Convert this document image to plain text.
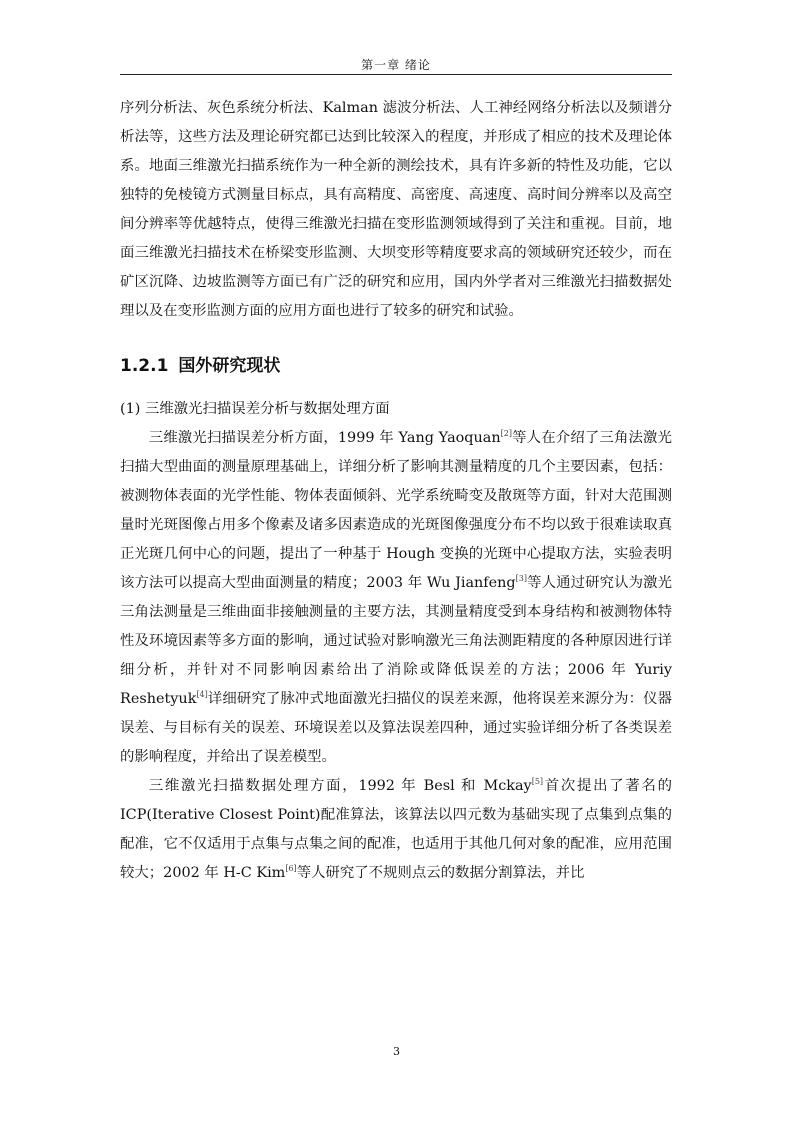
第一章 绪论

序列分析法、灰色系统分析法、Kalman 滤波分析法、人工神经网络分析法以及频谱分析法等，这些方法及理论研究都已达到比较深入的程度，并形成了相应的技术及理论体系。地面三维激光扫描系统作为一种全新的测绘技术，具有许多新的特性及功能，它以独特的免棱镜方式测量目标点，具有高精度、高密度、高速度、高时间分辨率以及高空间分辨率等优越特点，使得三维激光扫描在变形监测领域得到了关注和重视。目前，地面三维激光扫描技术在桥梁变形监测、大坝变形等精度要求高的领域研究还较少，而在矿区沉降、边坡监测等方面已有广泛的研究和应用，国内外学者对三维激光扫描数据处理以及在变形监测方面的应用方面也进行了较多的研究和试验。

1.2.1 国外研究现状

(1) 三维激光扫描误差分析与数据处理方面

三维激光扫描误差分析方面，1999 年 Yang Yaoquan[2]等人在介绍了三角法激光扫描大型曲面的测量原理基础上，详细分析了影响其测量精度的几个主要因素，包括：被测物体表面的光学性能、物体表面倾斜、光学系统畸变及散斑等方面，针对大范围测量时光斑图像占用多个像素及诸多因素造成的光斑图像强度分布不均以致于很难读取真正光斑几何中心的问题，提出了一种基于 Hough 变换的光斑中心提取方法，实验表明该方法可以提高大型曲面测量的精度；2003 年 Wu Jianfeng[3]等人通过研究认为激光三角法测量是三维曲面非接触测量的主要方法，其测量精度受到本身结构和被测物体特性及环境因素等多方面的影响，通过试验对影响激光三角法测距精度的各种原因进行详细分析，并针对不同影响因素给出了消除或降低误差的方法；2006 年 Yuriy Reshetyuk[4]详细研究了脉冲式地面激光扫描仪的误差来源，他将误差来源分为：仪器误差、与目标有关的误差、环境误差以及算法误差四种，通过实验详细分析了各类误差的影响程度，并给出了误差模型。

三维激光扫描数据处理方面，1992 年 Besl 和 Mckay[5]首次提出了著名的 ICP(Iterative Closest Point)配准算法，该算法以四元数为基础实现了点集到点集的配准，它不仅适用于点集与点集之间的配准，也适用于其他几何对象的配准，应用范围较大；2002 年 H-C Kim[6]等人研究了不规则点云的数据分割算法，并比

3
